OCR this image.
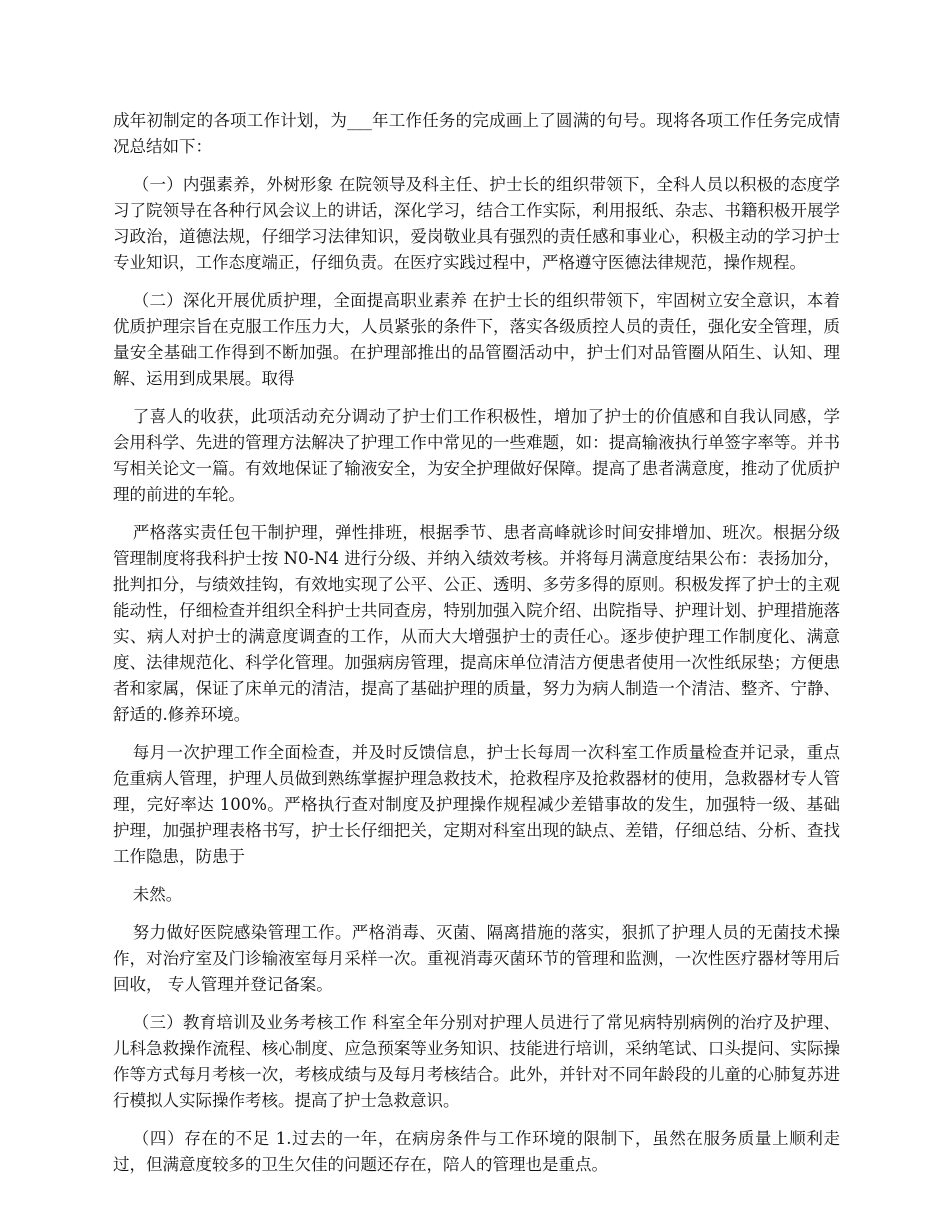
成年初制定的各项工作计划，为___年工作任务的完成画上了圆满的句号。现将各项工作任务完成情况总结如下：

（一）内强素养，外树形象 在院领导及科主任、护士长的组织带领下，全科人员以积极的态度学习了院领导在各种行风会议上的讲话，深化学习，结合工作实际，利用报纸、杂志、书籍积极开展学习政治，道德法规，仔细学习法律知识，爱岗敬业具有强烈的责任感和事业心，积极主动的学习护士专业知识，工作态度端正，仔细负责。在医疗实践过程中，严格遵守医德法律规范，操作规程。

（二）深化开展优质护理，全面提高职业素养 在护士长的组织带领下，牢固树立安全意识，本着优质护理宗旨在克服工作压力大，人员紧张的条件下，落实各级质控人员的责任，强化安全管理，质量安全基础工作得到不断加强。在护理部推出的品管圈活动中，护士们对品管圈从陌生、认知、理解、运用到成果展。取得

了喜人的收获，此项活动充分调动了护士们工作积极性，增加了护士的价值感和自我认同感，学会用科学、先进的管理方法解决了护理工作中常见的一些难题，如：提高输液执行单签字率等。并书写相关论文一篇。有效地保证了输液安全，为安全护理做好保障。提高了患者满意度，推动了优质护理的前进的车轮。

严格落实责任包干制护理，弹性排班，根据季节、患者高峰就诊时间安排增加、班次。根据分级管理制度将我科护士按 N0-N4 进行分级、并纳入绩效考核。并将每月满意度结果公布：表扬加分，批判扣分，与绩效挂钩，有效地实现了公平、公正、透明、多劳多得的原则。积极发挥了护士的主观能动性，仔细检查并组织全科护士共同查房，特别加强入院介绍、出院指导、护理计划、护理措施落实、病人对护士的满意度调查的工作，从而大大增强护士的责任心。逐步使护理工作制度化、满意度、法律规范化、科学化管理。加强病房管理，提高床单位清洁方便患者使用一次性纸尿垫；方便患者和家属，保证了床单元的清洁，提高了基础护理的质量，努力为病人制造一个清洁、整齐、宁静、舒适的.修养环境。

每月一次护理工作全面检查，并及时反馈信息，护士长每周一次科室工作质量检查并记录，重点危重病人管理，护理人员做到熟练掌握护理急救技术，抢救程序及抢救器材的使用，急救器材专人管理，完好率达 100%。严格执行查对制度及护理操作规程减少差错事故的发生，加强特一级、基础护理，加强护理表格书写，护士长仔细把关，定期对科室出现的缺点、差错，仔细总结、分析、查找工作隐患，防患于

未然。

努力做好医院感染管理工作。严格消毒、灭菌、隔离措施的落实，狠抓了护理人员的无菌技术操作，对治疗室及门诊输液室每月采样一次。重视消毒灭菌环节的管理和监测，一次性医疗器材等用后回收， 专人管理并登记备案。

（三）教育培训及业务考核工作 科室全年分别对护理人员进行了常见病特别病例的治疗及护理、儿科急救操作流程、核心制度、应急预案等业务知识、技能进行培训，采纳笔试、口头提问、实际操作等方式每月考核一次，考核成绩与及每月考核结合。此外，并针对不同年龄段的儿童的心肺复苏进行模拟人实际操作考核。提高了护士急救意识。

（四）存在的不足 1.过去的一年，在病房条件与工作环境的限制下，虽然在服务质量上顺利走过，但满意度较多的卫生欠佳的问题还存在，陪人的管理也是重点。
